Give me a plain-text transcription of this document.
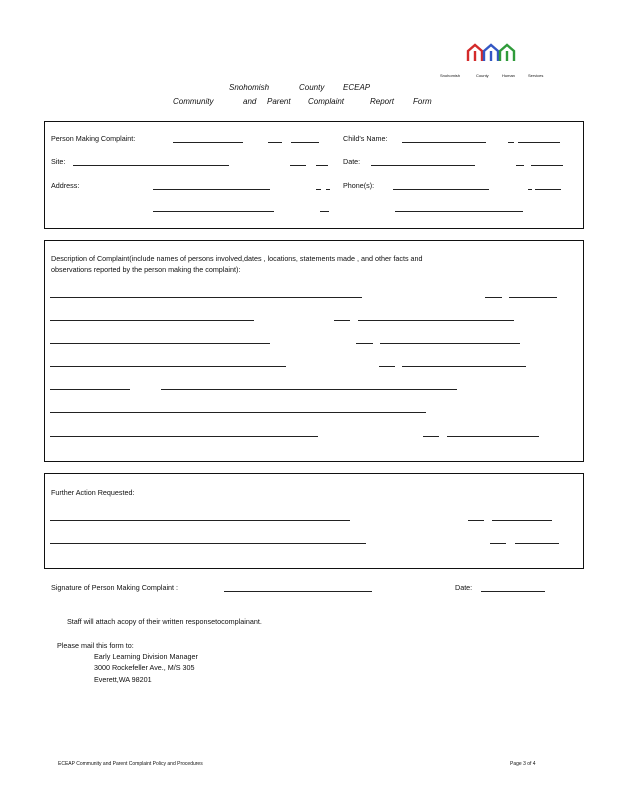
Snohomish	County	Human	Services
Snohomish	County ECEAP
Community	and Parent Complaint	Report Form
Person Making Complaint:	Child's Name:
Site:	Date:
Address:	Phone(s):
Description of Complaint(include names of persons involved,dates , locations, statements made , and other facts and
observations reported by the person making the complaint):
Further Action Requested:
Signature of Person Making Complaint :	Date:
Staff will attach acopy of their written responsetocomplainant.
Please mail this form to:
Early Learning Division Manager
3000 Rockefeller Ave., M/S 305
Everett,WA 98201
ECEAP Community and Parent Complaint Policy and Procedures	Page 3 of 4
